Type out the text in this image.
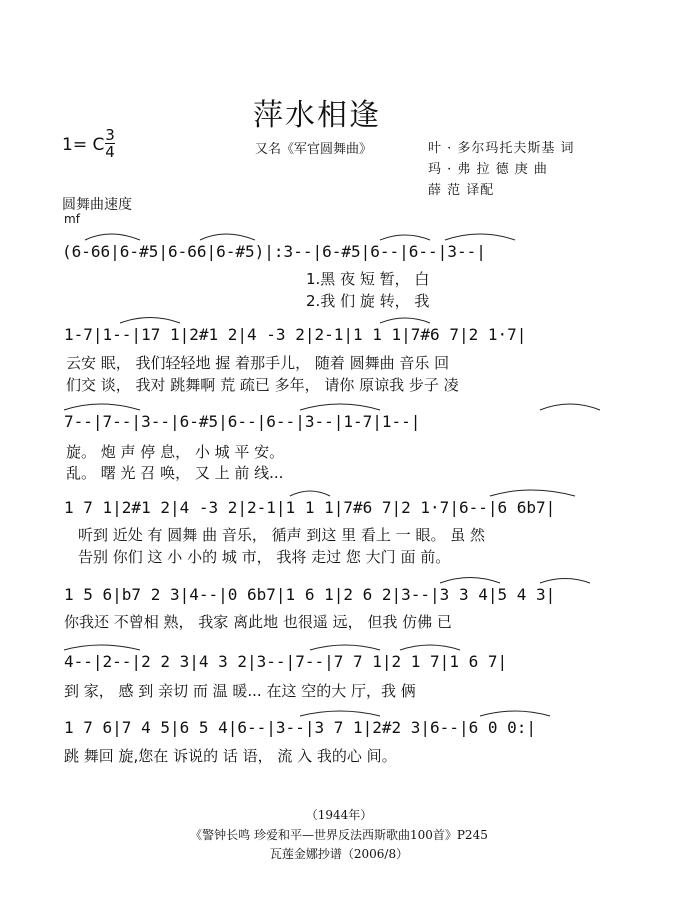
萍水相逢
1= C 3
4	又名《军官圆舞曲》	叶 · 多尔玛托夫斯基 词
玛 · 弗 拉 德 庚 曲
薛 范 译配
圆舞曲速度
mf
(6-66|6-#5|6-66|6-#5)|:3--|6-#5|6--|6--|3--|
1.黑 夜 短 暂， 白
2.我 们 旋 转， 我
1-7|1--|17 1|2#1 2|4 -3 2|2-1|1 1 1|7#6 7|2 1·7|
云安 眠， 我们轻轻地 握 着那手儿， 随着 圆舞曲 音乐 回
们交 谈， 我对 跳舞啊 荒 疏已 多年， 请你 原谅我 步子 凌
7--|7--|3--|6-#5|6--|6--|3--|1-7|1--|
旋。 炮 声 停 息， 小 城 平 安。
乱。 曙 光 召 唤， 又 上 前 线...
1 7 1|2#1 2|4 -3 2|2-1|1 1 1|7#6 7|2 1·7|6--|6 6b7|
听到 近处 有 圆舞 曲 音乐， 循声 到这 里 看上 一 眼。 虽 然
告别 你们 这 小 小的 城 市， 我将 走过 您 大门 面 前。
1 5 6|b7 2 3|4--|0 6b7|1 6 1|2 6 2|3--|3 3 4|5 4 3|
你我还 不曾相 熟， 我家 离此地 也很遥 远， 但我 仿佛 已
4--|2--|2 2 3|4 3 2|3--|7--|7 7 1|2 1 7|1 6 7|
到 家， 感 到 亲切 而 温 暖... 在这 空的大 厅，我 俩
1 7 6|7 4 5|6 5 4|6--|3--|3 7 1|2#2 3|6--|6 0 0:|
跳 舞回 旋,您在 诉说的 话 语， 流 入 我的心 间。
（1944年）
《警钟长鸣 珍爱和平—世界反法西斯歌曲100首》P245
瓦莲金娜抄谱（2006/8）
